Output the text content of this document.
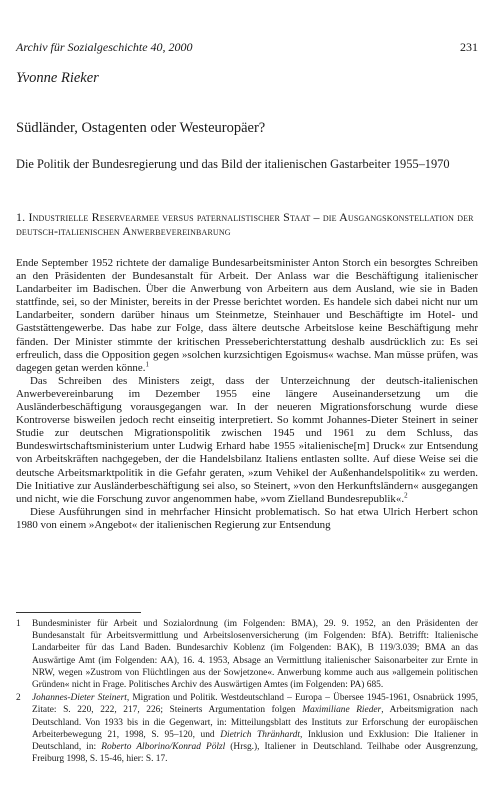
Archiv für Sozialgeschichte 40, 2000	231
Yvonne Rieker
Südländer, Ostagenten oder Westeuropäer?
Die Politik der Bundesregierung und das Bild der italienischen Gastarbeiter 1955–1970
1. Industrielle Reservearmee versus paternalistischer Staat – die Ausgangskonstellation der deutsch-italienischen Anwerbevereinbarung

Ende September 1952 richtete der damalige Bundesarbeitsminister Anton Storch ein besorgtes Schreiben an den Präsidenten der Bundesanstalt für Arbeit. Der Anlass war die Beschäftigung italienischer Landarbeiter im Badischen. Über die Anwerbung von Arbeitern aus dem Ausland, wie sie in Baden stattfinde, sei, so der Minister, bereits in der Presse berichtet worden. Es handele sich dabei nicht nur um Landarbeiter, sondern darüber hinaus um Steinmetze, Steinhauer und Beschäftigte im Hotel- und Gaststättengewerbe. Das habe zur Folge, dass ältere deutsche Arbeitslose keine Beschäftigung mehr fänden. Der Minister stimmte der kritischen Presseberichterstattung deshalb ausdrücklich zu: Es sei erfreulich, dass die Opposition gegen »solchen kurzsichtigen Egoismus« wachse. Man müsse prüfen, was dagegen getan werden könne.$^1$

Das Schreiben des Ministers zeigt, dass der Unterzeichnung der deutsch-italienischen Anwerbevereinbarung im Dezember 1955 eine längere Auseinandersetzung um die Ausländerbeschäftigung vorausgegangen war. In der neueren Migrationsforschung wurde diese Kontroverse bisweilen jedoch recht einseitig interpretiert. So kommt Johannes-Dieter Steinert in seiner Studie zur deutschen Migrationspolitik zwischen 1945 und 1961 zu dem Schluss, das Bundeswirtschaftsministerium unter Ludwig Erhard habe 1955 »italienische[m] Druck« zur Entsendung von Arbeitskräften nachgegeben, der die Handelsbilanz Italiens entlasten sollte. Auf diese Weise sei die deutsche Arbeitsmarktpolitik in die Gefahr geraten, »zum Vehikel der Außenhandelspolitik« zu werden. Die Initiative zur Ausländerbeschäftigung sei also, so Steinert, »von den Herkunftsländern« ausgegangen und nicht, wie die Forschung zuvor angenommen habe, »vom Zielland Bundesrepublik«.$^2$

Diese Ausführungen sind in mehrfacher Hinsicht problematisch. So hat etwa Ulrich Herbert schon 1980 von einem »Angebot« der italienischen Regierung zur Entsendung

1	Bundesminister für Arbeit und Sozialordnung (im Folgenden: BMA), 29. 9. 1952, an den Präsidenten der Bundesanstalt für Arbeitsvermittlung und Arbeitslosenversicherung (im Folgenden: BfA). Betrifft: Italienische Landarbeiter für das Land Baden. Bundesarchiv Koblenz (im Folgenden: BAK), B 119/3.039; BMA an das Auswärtige Amt (im Folgenden: AA), 16. 4. 1953, Absage an Vermittlung italienischer Saisonarbeiter zur Ernte in NRW, wegen »Zustrom von Flüchtlingen aus der Sowjetzone«. Anwerbung komme auch aus »allgemein politischen Gründen« nicht in Frage. Politisches Archiv des Auswärtigen Amtes (im Folgenden: PA) 685.
2	Johannes-Dieter Steinert, Migration und Politik. Westdeutschland – Europa – Übersee 1945-1961, Osnabrück 1995, Zitate: S. 220, 222, 217, 226; Steinerts Argumentation folgen Maximiliane Rieder, Arbeitsmigration nach Deutschland. Von 1933 bis in die Gegenwart, in: Mitteilungsblatt des Instituts zur Erforschung der europäischen Arbeiterbewegung 21, 1998, S. 95–120, und Dietrich Thränhardt, Inklusion und Exklusion: Die Italiener in Deutschland, in: Roberto Alborino/Konrad Pölzl (Hrsg.), Italiener in Deutschland. Teilhabe oder Ausgrenzung, Freiburg 1998, S. 15-46, hier: S. 17.
